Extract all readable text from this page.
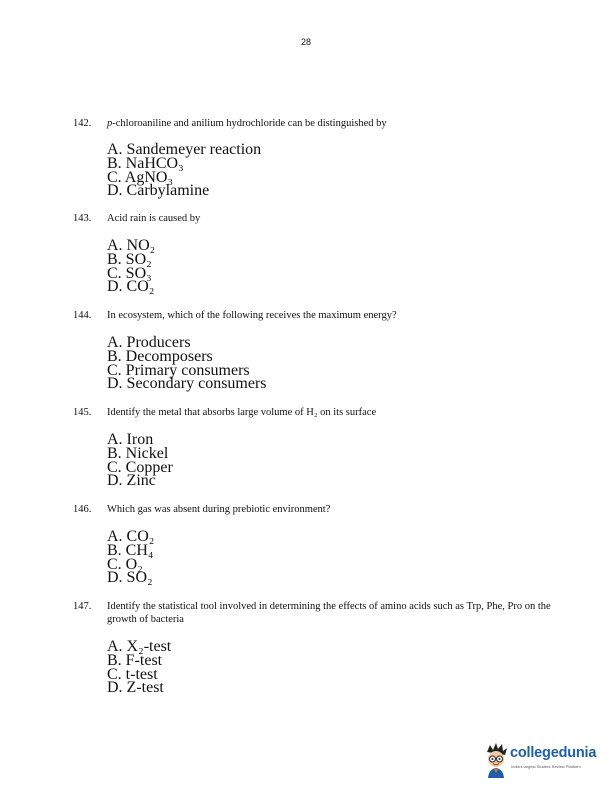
28
142. p-chloroaniline and anilium hydrochloride can be distinguished by
A. Sandemeyer reaction
B. NaHCO₃
C. AgNO₃
D. Carbylamine
143. Acid rain is caused by
A. NO₂
B. SO₂
C. SO₃
D. CO₂
144. In ecosystem, which of the following receives the maximum energy?
A. Producers
B. Decomposers
C. Primary consumers
D. Secondary consumers
145. Identify the metal that absorbs large volume of H₂ on its surface
A. Iron
B. Nickel
C. Copper
D. Zinc
146. Which gas was absent during prebiotic environment?
A. CO₂
B. CH₄
C. O₂
D. SO₂
147. Identify the statistical tool involved in determining the effects of amino acids such as Trp, Phe, Pro on the growth of bacteria
A. X₂-test
B. F-test
C. t-test
D. Z-test
collegedunia
India's largest Student Review Platform
